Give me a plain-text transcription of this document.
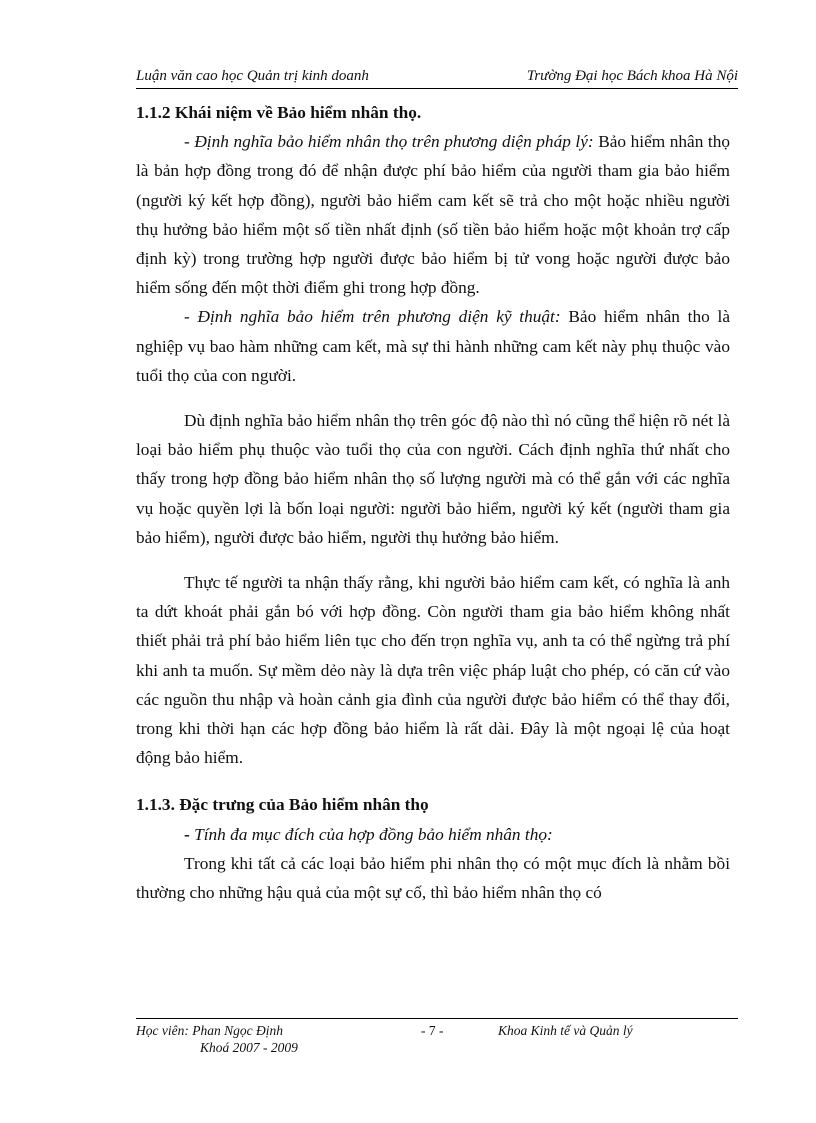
Luận văn cao học Quản trị kinh doanh	Trường Đại học Bách khoa Hà Nội
1.1.2 Khái niệm về Bảo hiểm nhân thọ.

- Định nghĩa bảo hiểm nhân thọ trên phương diện pháp lý: Bảo hiểm nhân thọ là bản hợp đồng trong đó để nhận được phí bảo hiểm của người tham gia bảo hiểm (người ký kết hợp đồng), người bảo hiểm cam kết sẽ trả cho một hoặc nhiều người thụ hưởng bảo hiểm một số tiền nhất định (số tiền bảo hiểm hoặc một khoản trợ cấp định kỳ) trong trường hợp người được bảo hiểm bị tử vong hoặc người được bảo hiểm sống đến một thời điểm ghi trong hợp đồng.

- Định nghĩa bảo hiểm trên phương diện kỹ thuật: Bảo hiểm nhân tho là nghiệp vụ bao hàm những cam kết, mà sự thi hành những cam kết này phụ thuộc vào tuổi thọ của con người.

Dù định nghĩa bảo hiểm nhân thọ trên góc độ nào thì nó cũng thể hiện rõ nét là loại bảo hiểm phụ thuộc vào tuổi thọ của con người. Cách định nghĩa thứ nhất cho thấy trong hợp đồng bảo hiểm nhân thọ số lượng người mà có thể gắn với các nghĩa vụ hoặc quyền lợi là bốn loại người: người bảo hiểm, người ký kết (người tham gia bảo hiểm), người được bảo hiểm, người thụ hưởng bảo hiểm.

Thực tế người ta nhận thấy rằng, khi người bảo hiểm cam kết, có nghĩa là anh ta dứt khoát phải gắn bó với hợp đồng. Còn người tham gia bảo hiểm không nhất thiết phải trả phí bảo hiểm liên tục cho đến trọn nghĩa vụ, anh ta có thể ngừng trả phí khi anh ta muốn. Sự mềm dẻo này là dựa trên việc pháp luật cho phép, có căn cứ vào các nguồn thu nhập và hoàn cảnh gia đình của người được bảo hiểm có thể thay đổi, trong khi thời hạn các hợp đồng bảo hiểm là rất dài. Đây là một ngoại lệ của hoạt động bảo hiểm.

1.1.3. Đặc trưng của Bảo hiểm nhân thọ

- Tính đa mục đích của hợp đồng bảo hiểm nhân thọ:

Trong khi tất cả các loại bảo hiểm phi nhân thọ có một mục đích là nhằm bồi thường cho những hậu quả của một sự cố, thì bảo hiểm nhân thọ có

Học viên: Phan Ngọc Định
Khoá 2007 - 2009
- 7 -	Khoa Kinh tế và Quản lý
